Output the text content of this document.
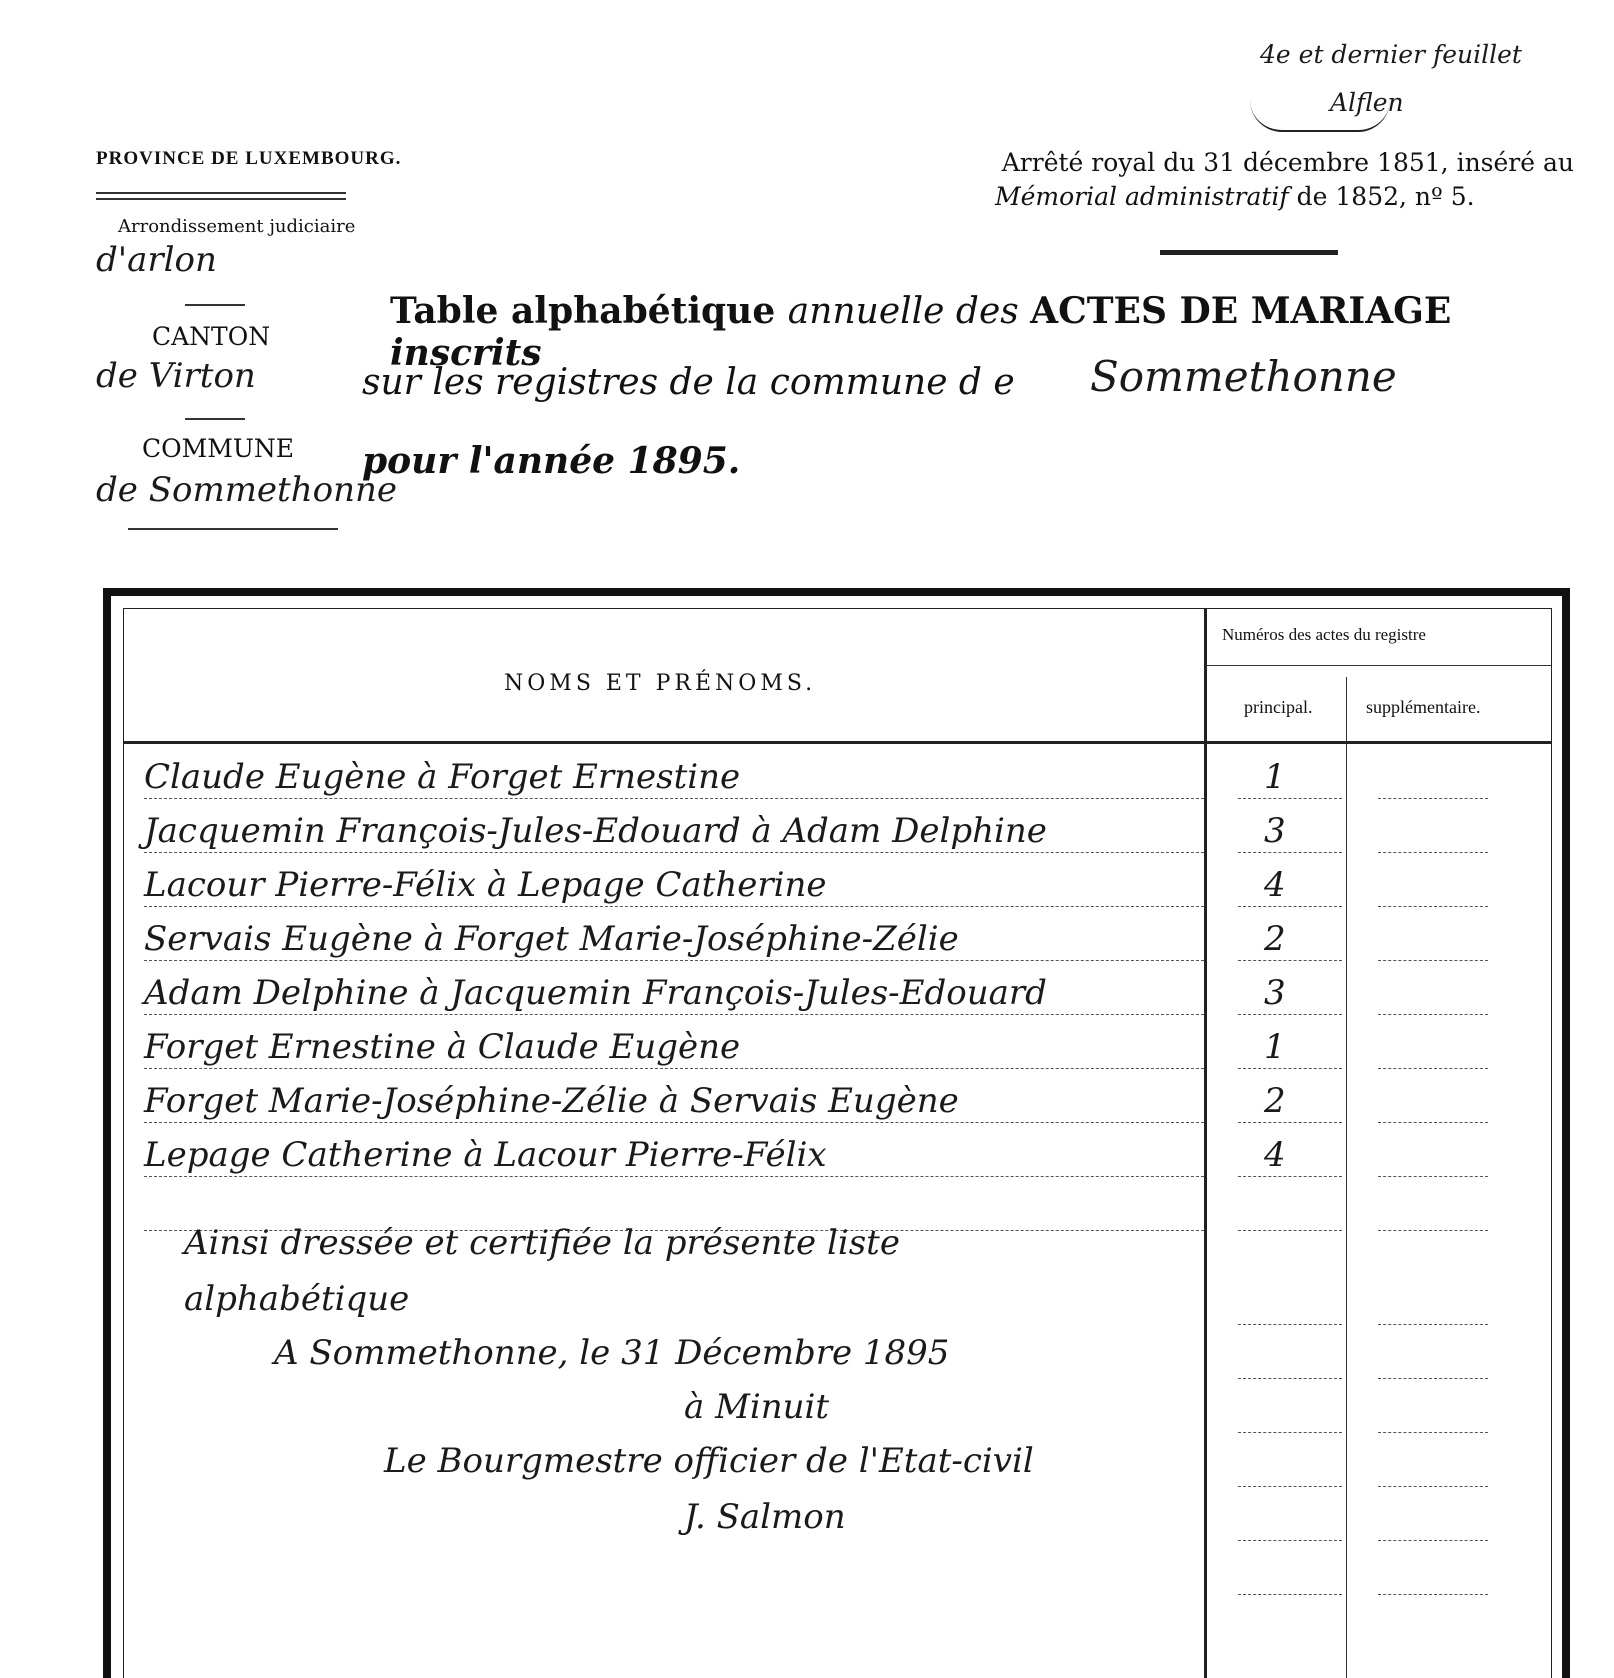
4e et dernier feuillet
Alflen
PROVINCE DE LUXEMBOURG.
Arrondissement judiciaire
d'arlon
CANTON
de Virton
COMMUNE
de Sommethonne
Arrêté royal du 31 décembre 1851, inséré au
Mémorial administratif de 1852, nº 5.
Table alphabétique annuelle des ACTES DE MARIAGE inscrits
sur les registres de la commune d e Sommethonne
pour l'année 1895.
NOMS ET PRÉNOMS.
Numéros des actes du registre
principal.	supplémentaire.
Claude Eugène à Forget Ernestine	1
Jacquemin François-Jules-Edouard à Adam Delphine	3
Lacour Pierre-Félix à Lepage Catherine	4
Servais Eugène à Forget Marie-Joséphine-Zélie	2
Adam Delphine à Jacquemin François-Jules-Edouard	3
Forget Ernestine à Claude Eugène	1
Forget Marie-Joséphine-Zélie à Servais Eugène	2
Lepage Catherine à Lacour Pierre-Félix	4
Ainsi dressée et certifiée la présente liste
alphabétique
A Sommethonne, le 31 Décembre 1895
à Minuit
Le Bourgmestre officier de l'Etat-civil
J. Salmon
